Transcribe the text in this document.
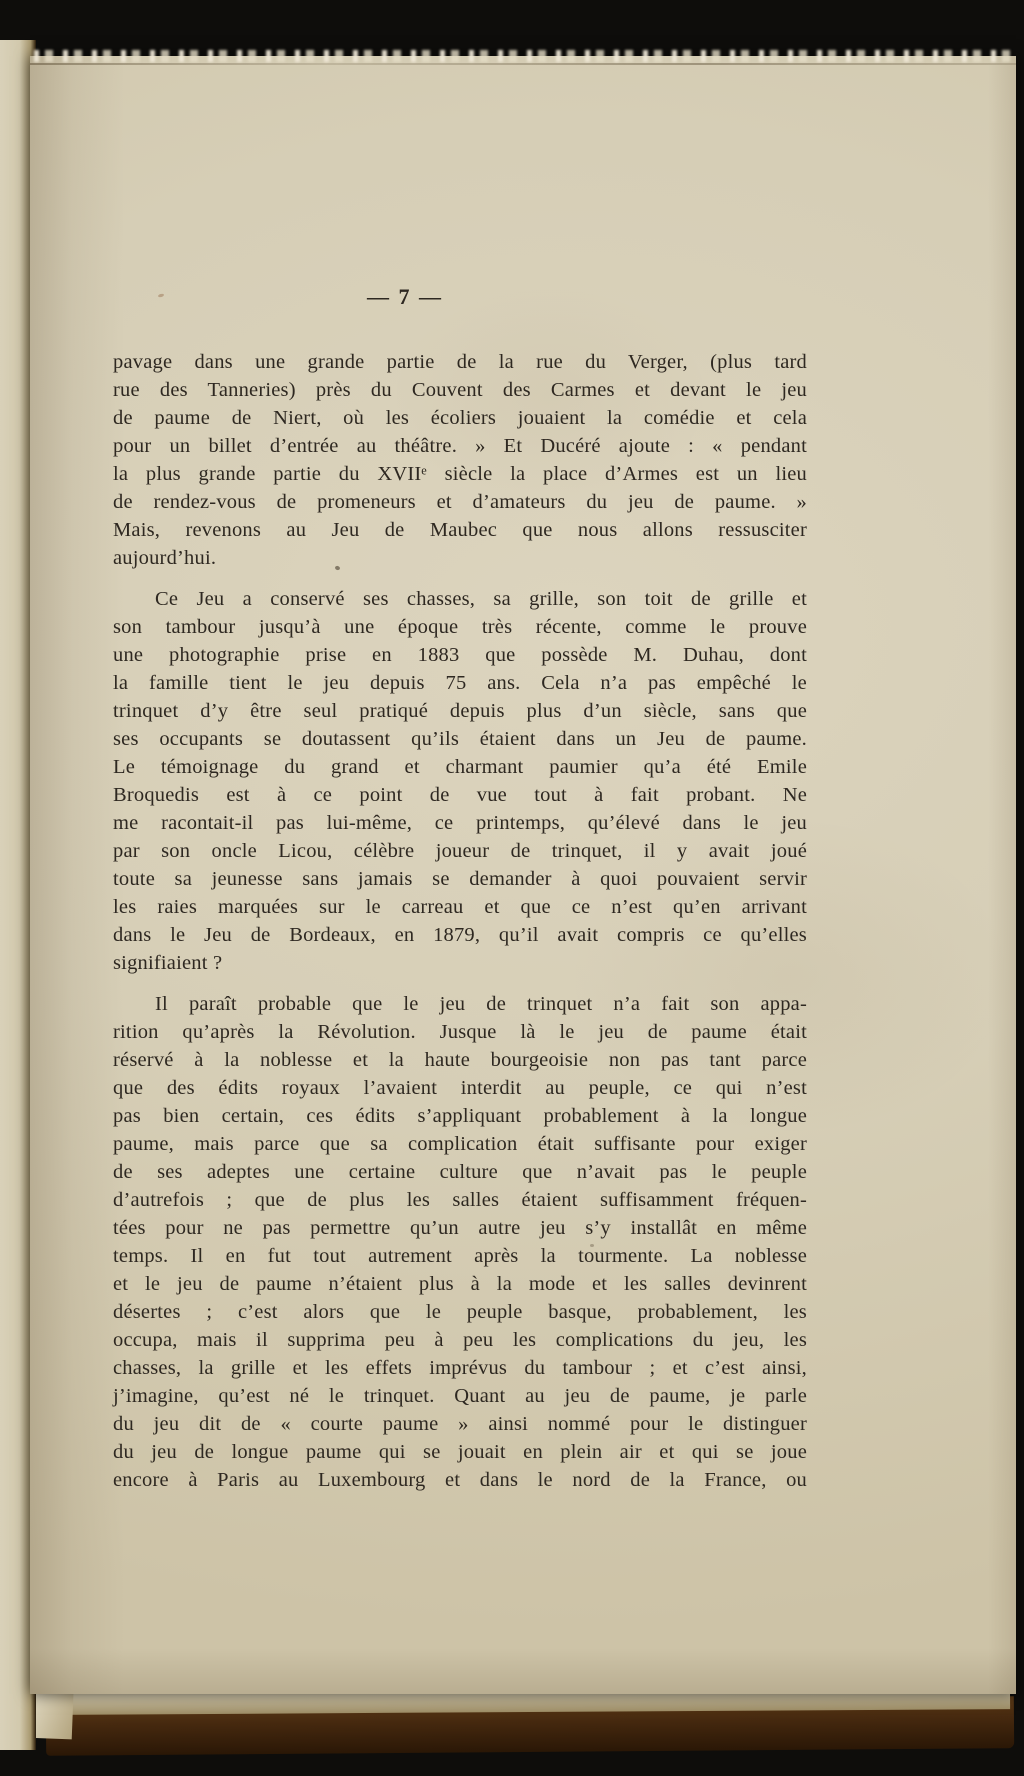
— 7 —
pavage dans une grande partie de la rue du Verger, (plus tard
rue des Tanneries) près du Couvent des Carmes et devant le jeu
de paume de Niert, où les écoliers jouaient la comédie et cela
pour un billet d’entrée au théâtre. » Et Ducéré ajoute : « pendant
la plus grande partie du XVIIᵉ siècle la place d’Armes est un lieu
de rendez-vous de promeneurs et d’amateurs du jeu de paume. »
Mais, revenons au Jeu de Maubec que nous allons ressusciter
aujourd’hui.
Ce Jeu a conservé ses chasses, sa grille, son toit de grille et
son tambour jusqu’à une époque très récente, comme le prouve
une photographie prise en 1883 que possède M. Duhau, dont
la famille tient le jeu depuis 75 ans. Cela n’a pas empêché le
trinquet d’y être seul pratiqué depuis plus d’un siècle, sans que
ses occupants se doutassent qu’ils étaient dans un Jeu de paume.
Le témoignage du grand et charmant paumier qu’a été Emile
Broquedis est à ce point de vue tout à fait probant. Ne
me racontait-il pas lui-même, ce printemps, qu’élevé dans le jeu
par son oncle Licou, célèbre joueur de trinquet, il y avait joué
toute sa jeunesse sans jamais se demander à quoi pouvaient servir
les raies marquées sur le carreau et que ce n’est qu’en arrivant
dans le Jeu de Bordeaux, en 1879, qu’il avait compris ce qu’elles
signifiaient ?
Il paraît probable que le jeu de trinquet n’a fait son appa-
rition qu’après la Révolution. Jusque là le jeu de paume était
réservé à la noblesse et la haute bourgeoisie non pas tant parce
que des édits royaux l’avaient interdit au peuple, ce qui n’est
pas bien certain, ces édits s’appliquant probablement à la longue
paume, mais parce que sa complication était suffisante pour exiger
de ses adeptes une certaine culture que n’avait pas le peuple
d’autrefois ; que de plus les salles étaient suffisamment fréquen-
tées pour ne pas permettre qu’un autre jeu s’y installât en même
temps. Il en fut tout autrement après la tourmente. La noblesse
et le jeu de paume n’étaient plus à la mode et les salles devinrent
désertes ; c’est alors que le peuple basque, probablement, les
occupa, mais il supprima peu à peu les complications du jeu, les
chasses, la grille et les effets imprévus du tambour ; et c’est ainsi,
j’imagine, qu’est né le trinquet. Quant au jeu de paume, je parle
du jeu dit de « courte paume » ainsi nommé pour le distinguer
du jeu de longue paume qui se jouait en plein air et qui se joue
encore à Paris au Luxembourg et dans le nord de la France, ou
